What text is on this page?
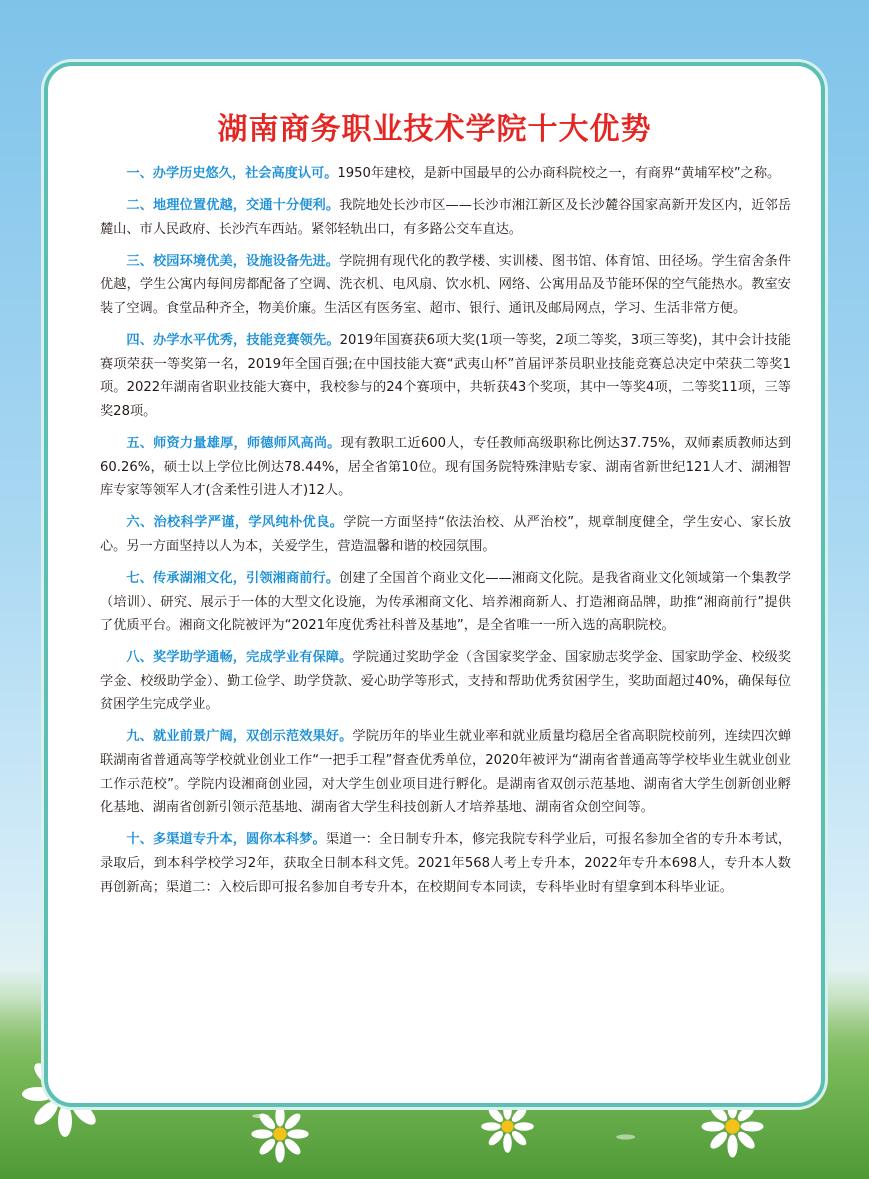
湖南商务职业技术学院十大优势

一、办学历史悠久，社会高度认可。1950年建校，是新中国最早的公办商科院校之一，有商界“黄埔军校”之称。

二、地理位置优越，交通十分便利。我院地处长沙市区——长沙市湘江新区及长沙麓谷国家高新开发区内，近邻岳麓山、市人民政府、长沙汽车西站。紧邻轻轨出口，有多路公交车直达。

三、校园环境优美，设施设备先进。学院拥有现代化的教学楼、实训楼、图书馆、体育馆、田径场。学生宿舍条件优越，学生公寓内每间房都配备了空调、洗衣机、电风扇、饮水机、网络、公寓用品及节能环保的空气能热水。教室安装了空调。食堂品种齐全，物美价廉。生活区有医务室、超市、银行、通讯及邮局网点，学习、生活非常方便。

四、办学水平优秀，技能竞赛领先。2019年国赛获6项大奖(1项一等奖，2项二等奖，3项三等奖)，其中会计技能赛项荣获一等奖第一名，2019年全国百强;在中国技能大赛“武夷山杯”首届评茶员职业技能竞赛总决定中荣获二等奖1项。2022年湖南省职业技能大赛中，我校参与的24个赛项中，共斩获43个奖项，其中一等奖4项，二等奖11项，三等奖28项。

五、师资力量雄厚，师德师风高尚。现有教职工近600人，专任教师高级职称比例达37.75%，双师素质教师达到60.26%，硕士以上学位比例达78.44%，居全省第10位。现有国务院特殊津贴专家、湖南省新世纪121人才、湖湘智库专家等领军人才(含柔性引进人才)12人。

六、治校科学严谨，学风纯朴优良。学院一方面坚持“依法治校、从严治校”，规章制度健全，学生安心、家长放心。另一方面坚持以人为本，关爱学生，营造温馨和谐的校园氛围。

七、传承湖湘文化，引领湘商前行。创建了全国首个商业文化——湘商文化院。是我省商业文化领域第一个集教学（培训）、研究、展示于一体的大型文化设施，为传承湘商文化、培养湘商新人、打造湘商品牌，助推“湘商前行”提供了优质平台。湘商文化院被评为“2021年度优秀社科普及基地”，是全省唯一一所入选的高职院校。

八、奖学助学通畅，完成学业有保障。学院通过奖助学金（含国家奖学金、国家励志奖学金、国家助学金、校级奖学金、校级助学金）、勤工俭学、助学贷款、爱心助学等形式，支持和帮助优秀贫困学生，奖助面超过40%，确保每位贫困学生完成学业。

九、就业前景广阔，双创示范效果好。学院历年的毕业生就业率和就业质量均稳居全省高职院校前列，连续四次蝉联湖南省普通高等学校就业创业工作“一把手工程”督查优秀单位，2020年被评为“湖南省普通高等学校毕业生就业创业工作示范校”。学院内设湘商创业园，对大学生创业项目进行孵化。是湖南省双创示范基地、湖南省大学生创新创业孵化基地、湖南省创新引领示范基地、湖南省大学生科技创新人才培养基地、湖南省众创空间等。

十、多渠道专升本，圆你本科梦。渠道一：全日制专升本，修完我院专科学业后，可报名参加全省的专升本考试，录取后，到本科学校学习2年，获取全日制本科文凭。2021年568人考上专升本，2022年专升本698人，专升本人数再创新高；渠道二：入校后即可报名参加自考专升本，在校期间专本同读，专科毕业时有望拿到本科毕业证。
